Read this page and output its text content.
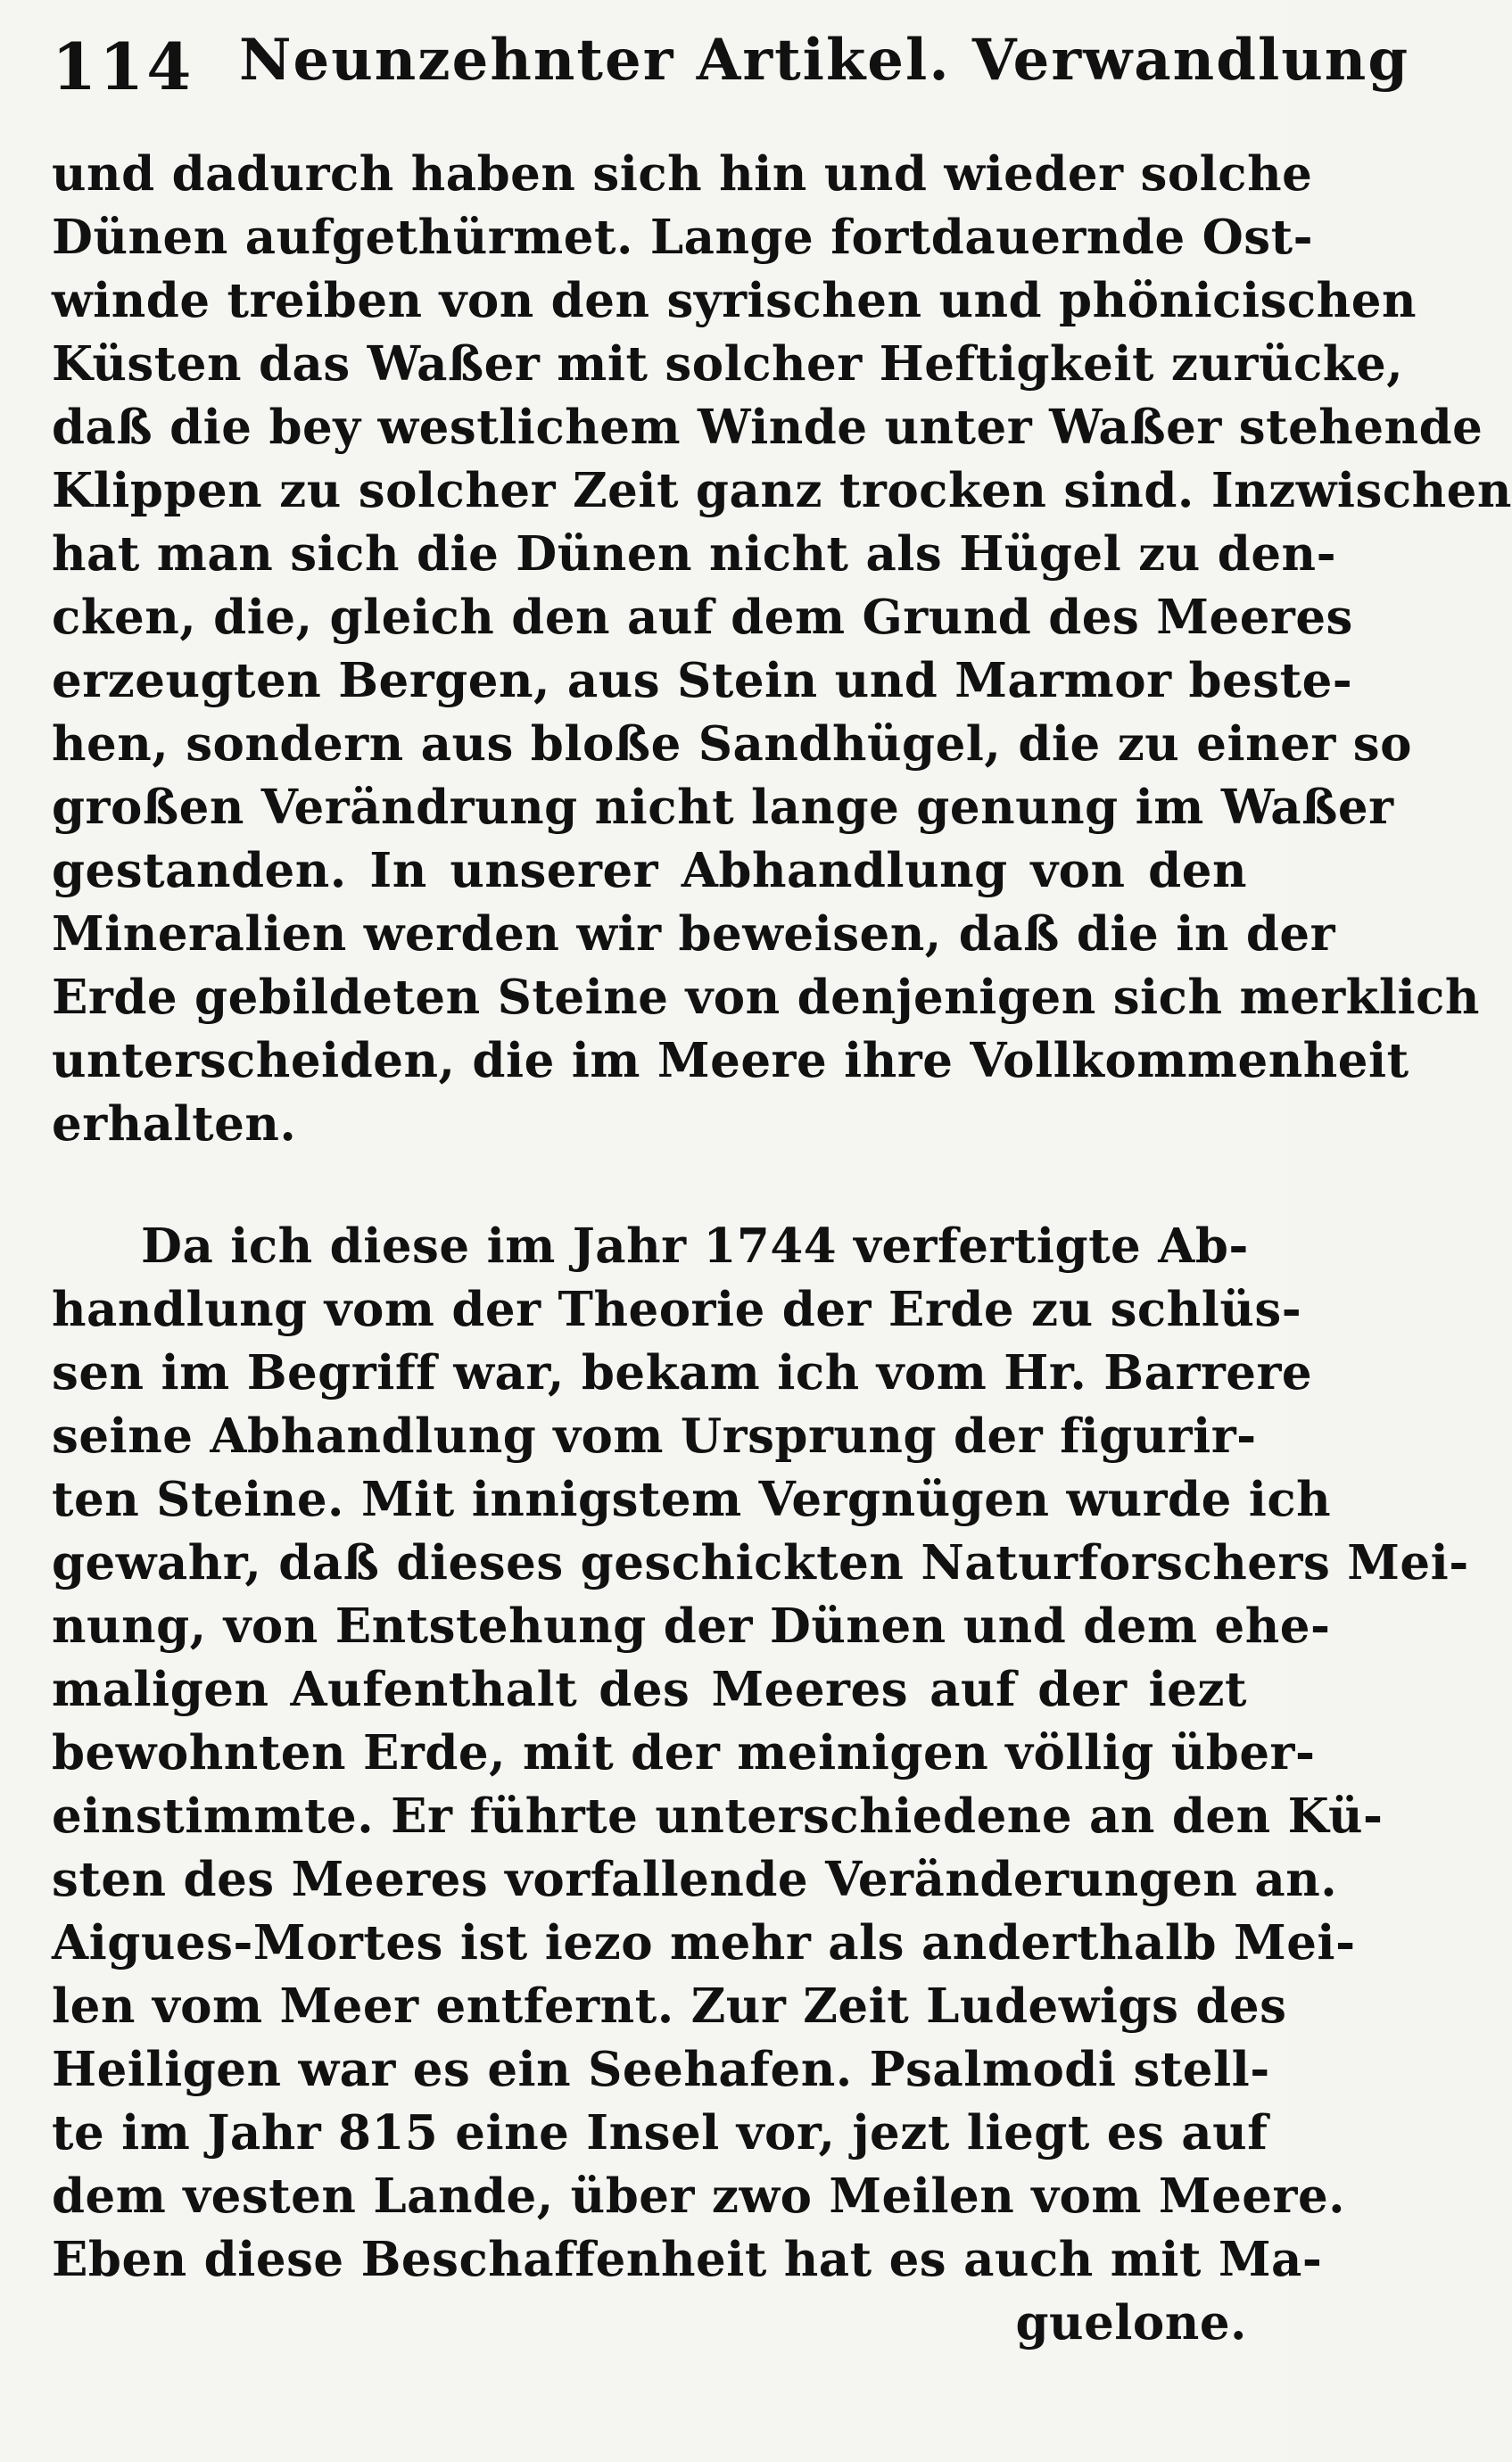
114 Neunzehnter Artikel. Verwandlung
und dadurch haben sich hin und wieder solche
Dünen aufgethürmet. Lange fortdauernde Ost-
winde treiben von den syrischen und phönicischen
Küsten das Waßer mit solcher Heftigkeit zurücke,
daß die bey westlichem Winde unter Waßer stehende
Klippen zu solcher Zeit ganz trocken sind. Inzwischen
hat man sich die Dünen nicht als Hügel zu den-
cken, die, gleich den auf dem Grund des Meeres
erzeugten Bergen, aus Stein und Marmor beste-
hen, sondern aus bloße Sandhügel, die zu einer so
großen Verändrung nicht lange genung im Waßer
gestanden. In unserer Abhandlung von den
Mineralien werden wir beweisen, daß die in der
Erde gebildeten Steine von denjenigen sich merklich
unterscheiden, die im Meere ihre Vollkommenheit
erhalten.
Da ich diese im Jahr 1744 verfertigte Ab-
handlung vom der Theorie der Erde zu schlüs-
sen im Begriff war, bekam ich vom Hr. Barrere
seine Abhandlung vom Ursprung der figurir-
ten Steine. Mit innigstem Vergnügen wurde ich
gewahr, daß dieses geschickten Naturforschers Mei-
nung, von Entstehung der Dünen und dem ehe-
maligen Aufenthalt des Meeres auf der iezt
bewohnten Erde, mit der meinigen völlig über-
einstimmte. Er führte unterschiedene an den Kü-
sten des Meeres vorfallende Veränderungen an.
Aigues-Mortes ist iezo mehr als anderthalb Mei-
len vom Meer entfernt. Zur Zeit Ludewigs des
Heiligen war es ein Seehafen. Psalmodi stell-
te im Jahr 815 eine Insel vor, jezt liegt es auf
dem vesten Lande, über zwo Meilen vom Meere.
Eben diese Beschaffenheit hat es auch mit Ma-
guelone.
